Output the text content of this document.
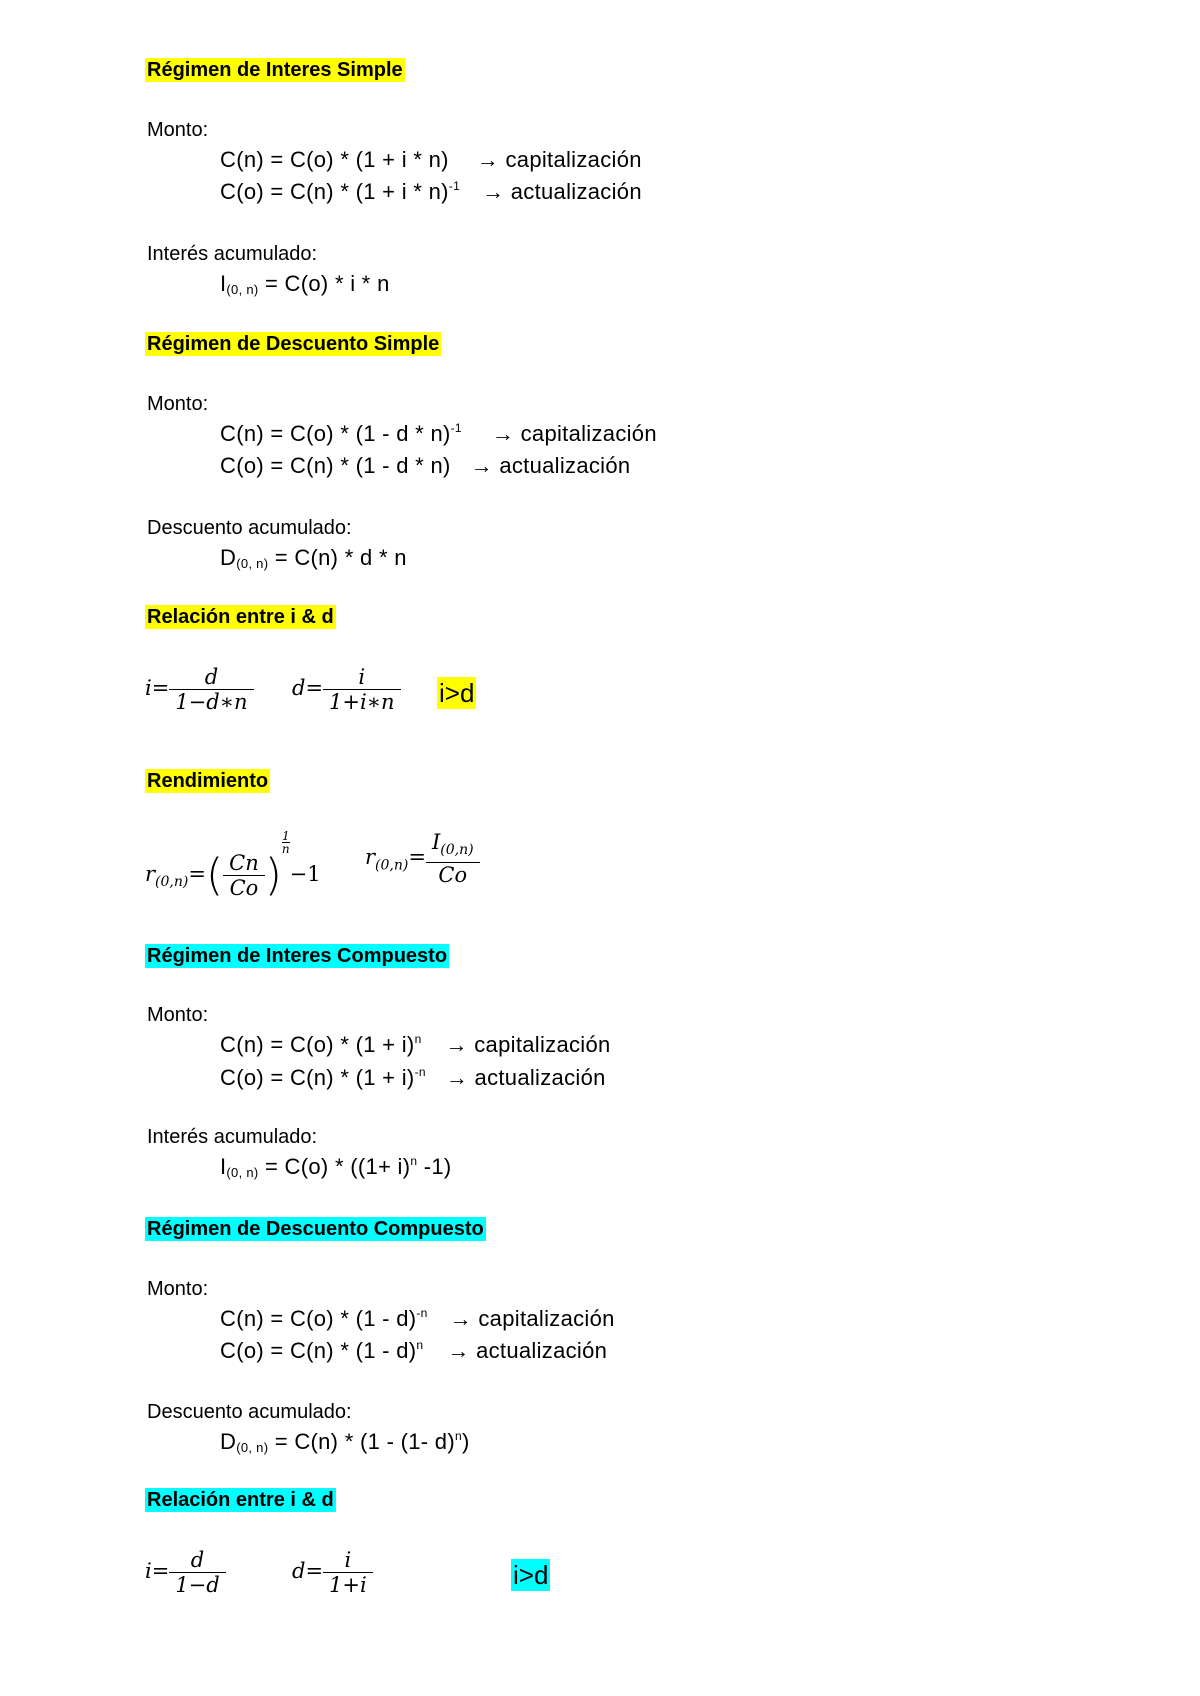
Régimen de Interes Simple
Monto:
C(n) = C(o) * (1 + i * n) → capitalización
$C(o) = C(n) * (1 + i * n)^{-1}$ → actualización
Interés acumulado:
$I_{(0, n)} = C(o) * i * n$
Régimen de Descuento Simple
Monto:
C(n) = C(o) * (1 - d * n)$^{-1}$ → capitalización
C(o) = C(n) * (1 - d * n) → actualización
Descuento acumulado:
$D_{(0, n)} = C(n) * d * n$
Relación entre i & d
$i= \frac{d}{1-d∗n} d= \frac{i}{1+i∗n} i>d$
Rendimiento
$r_{(0,n)}=( \frac{Cn}{Co} )\frac{1}{n}$
−1
$r_{(0,n)}= \frac{I_{(0,n)}}{Co}$
Régimen de Interes Compuesto
Monto:
$C(n) = C(o) * (1 + i)^n$ → capitalización
$C(o) = C(n) * (1 + i)^{-n}$ → actualización
Interés acumulado:
$I_{(0, n)} = C(o) * ((1+ i)^n$ -1)
Régimen de Descuento Compuesto
Monto:
C(n) = C(o) * (1 - d)$^{-n}$ → capitalización
C(o) = C(n) * (1 - d)$^n$ → actualización
Descuento acumulado:
$D_{(0, n)} = C(n) * (1 - (1-$ d)$^n$)
Relación entre i & d
$i= \frac{d}{1-d}$	$d= \frac{i}{1+i}$	i>d
